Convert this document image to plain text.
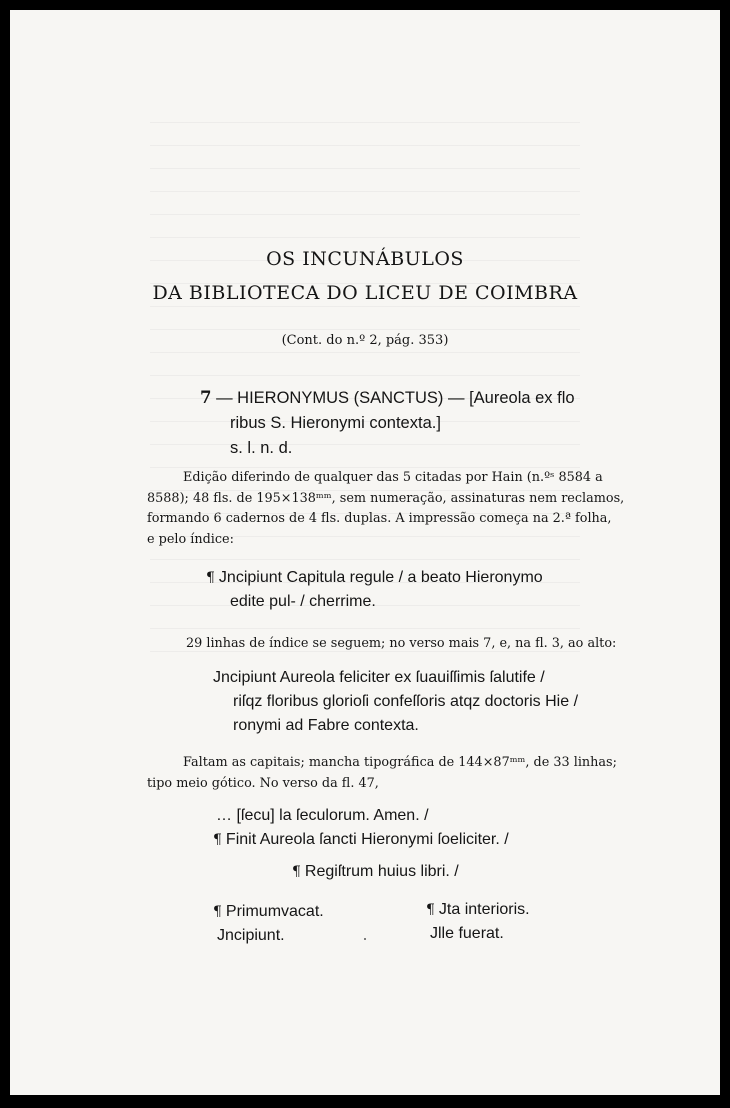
OS INCUNÁBULOS
DA BIBLIOTECA DO LICEU DE COIMBRA
(Cont. do n.º 2, pág. 353)
7 — HIERONYMUS (SANCTUS) — [Aureola ex flo
ribus S. Hieronymi contexta.]
s. l. n. d.
Edição diferindo de qualquer das 5 citadas por Hain (n.ºˢ 8584 a
8588); 48 fls. de 195×138ᵐᵐ, sem numeração, assinaturas nem reclamos,
formando 6 cadernos de 4 fls. duplas. A impressão começa na 2.ª folha,
e pelo índice:
¶ Jncipiunt Capitula regule / a beato Hieronymo
edite pul- / cherrime.
29 linhas de índice se seguem; no verso mais 7, e, na fl. 3, ao alto:
Jncipiunt Aureola feliciter ex ſuauiſſimis ſalutife /
riſqz floribus glorioſi confeſſoris atqz doctoris Hie /
ronymi ad Fabre contexta.
Faltam as capitais; mancha tipográfica de 144×87ᵐᵐ, de 33 linhas;
tipo meio gótico. No verso da fl. 47,
… [ſecu] la ſeculorum. Amen. /
¶ Finit Aureola ſancti Hieronymi ſoeliciter. /
¶ Regiſtrum huius libri. /
¶ Primumvacat.
Jncipiunt.
¶ Jta interioris.
Jlle fuerat.
